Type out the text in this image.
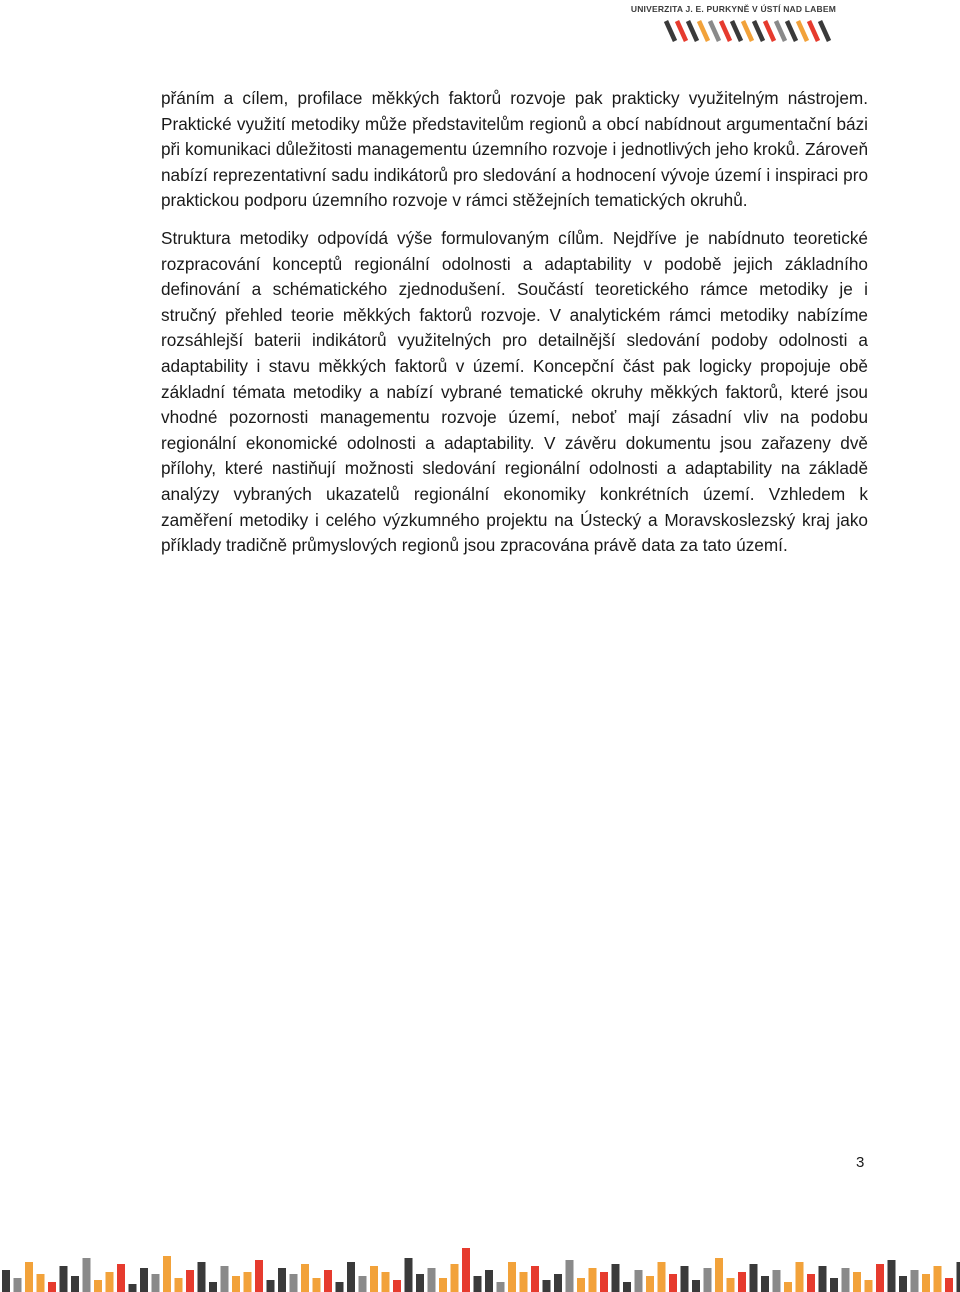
UNIVERZITA J. E. PURKYNĚ V ÚSTÍ NAD LABEM

přáním a cílem, profilace měkkých faktorů rozvoje pak prakticky využitelným nástrojem. Praktické využití metodiky může představitelům regionů a obcí nabídnout argumentační bázi při komunikaci důležitosti managementu územního rozvoje i jednotlivých jeho kroků. Zároveň nabízí reprezentativní sadu indikátorů pro sledování a hodnocení vývoje území i inspiraci pro praktickou podporu územního rozvoje v rámci stěžejních tematických okruhů.

Struktura metodiky odpovídá výše formulovaným cílům. Nejdříve je nabídnuto teoretické rozpracování konceptů regionální odolnosti a adaptability v podobě jejich základního definování a schématického zjednodušení. Součástí teoretického rámce metodiky je i stručný přehled teorie měkkých faktorů rozvoje. V analytickém rámci metodiky nabízíme rozsáhlejší baterii indikátorů využitelných pro detailnější sledování podoby odolnosti a adaptability i stavu měkkých faktorů v území. Koncepční část pak logicky propojuje obě základní témata metodiky a nabízí vybrané tematické okruhy měkkých faktorů, které jsou vhodné pozornosti managementu rozvoje území, neboť mají zásadní vliv na podobu regionální ekonomické odolnosti a adaptability. V závěru dokumentu jsou zařazeny dvě přílohy, které nastiňují možnosti sledování regionální odolnosti a adaptability na základě analýzy vybraných ukazatelů regionální ekonomiky konkrétních území. Vzhledem k zaměření metodiky i celého výzkumného projektu na Ústecký a Moravskoslezský kraj jako příklady tradičně průmyslových regionů jsou zpracována právě data za tato území.

3
